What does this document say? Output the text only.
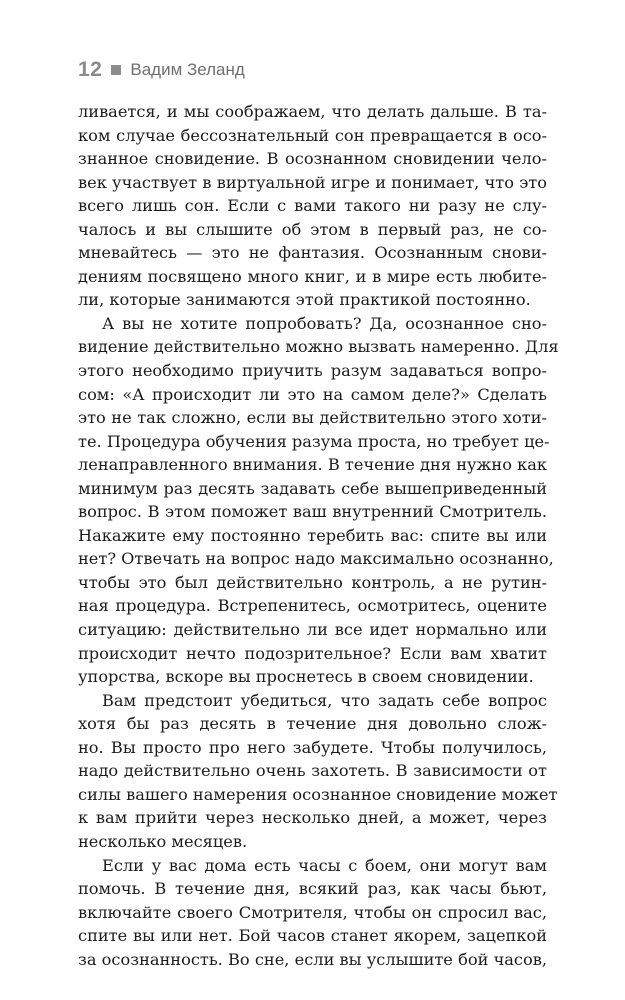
12 Вадим Зеланд
ливается, и мы соображаем, что делать дальше. В та-
ком случае бессознательный сон превращается в осо-
знанное сновидение. В осознанном сновидении чело-
век участвует в виртуальной игре и понимает, что это
всего лишь сон. Если с вами такого ни разу не слу-
чалось и вы слышите об этом в первый раз, не со-
мневайтесь — это не фантазия. Осознанным снови-
дениям посвящено много книг, и в мире есть любите-
ли, которые занимаются этой практикой постоянно.
А вы не хотите попробовать? Да, осознанное сно-
видение действительно можно вызвать намеренно. Для
этого необходимо приучить разум задаваться вопро-
сом: «А происходит ли это на самом деле?» Сделать
это не так сложно, если вы действительно этого хоти-
те. Процедура обучения разума проста, но требует це-
ленаправленного внимания. В течение дня нужно как
минимум раз десять задавать себе вышеприведенный
вопрос. В этом поможет ваш внутренний Смотритель.
Накажите ему постоянно теребить вас: спите вы или
нет? Отвечать на вопрос надо максимально осознанно,
чтобы это был действительно контроль, а не рутин-
ная процедура. Встрепенитесь, осмотритесь, оцените
ситуацию: действительно ли все идет нормально или
происходит нечто подозрительное? Если вам хватит
упорства, вскоре вы проснетесь в своем сновидении.
Вам предстоит убедиться, что задать себе вопрос
хотя бы раз десять в течение дня довольно слож-
но. Вы просто про него забудете. Чтобы получилось,
надо действительно очень захотеть. В зависимости от
силы вашего намерения осознанное сновидение может
к вам прийти через несколько дней, а может, через
несколько месяцев.
Если у вас дома есть часы с боем, они могут вам
помочь. В течение дня, всякий раз, как часы бьют,
включайте своего Смотрителя, чтобы он спросил вас,
спите вы или нет. Бой часов станет якорем, зацепкой
за осознанность. Во сне, если вы услышите бой часов,
